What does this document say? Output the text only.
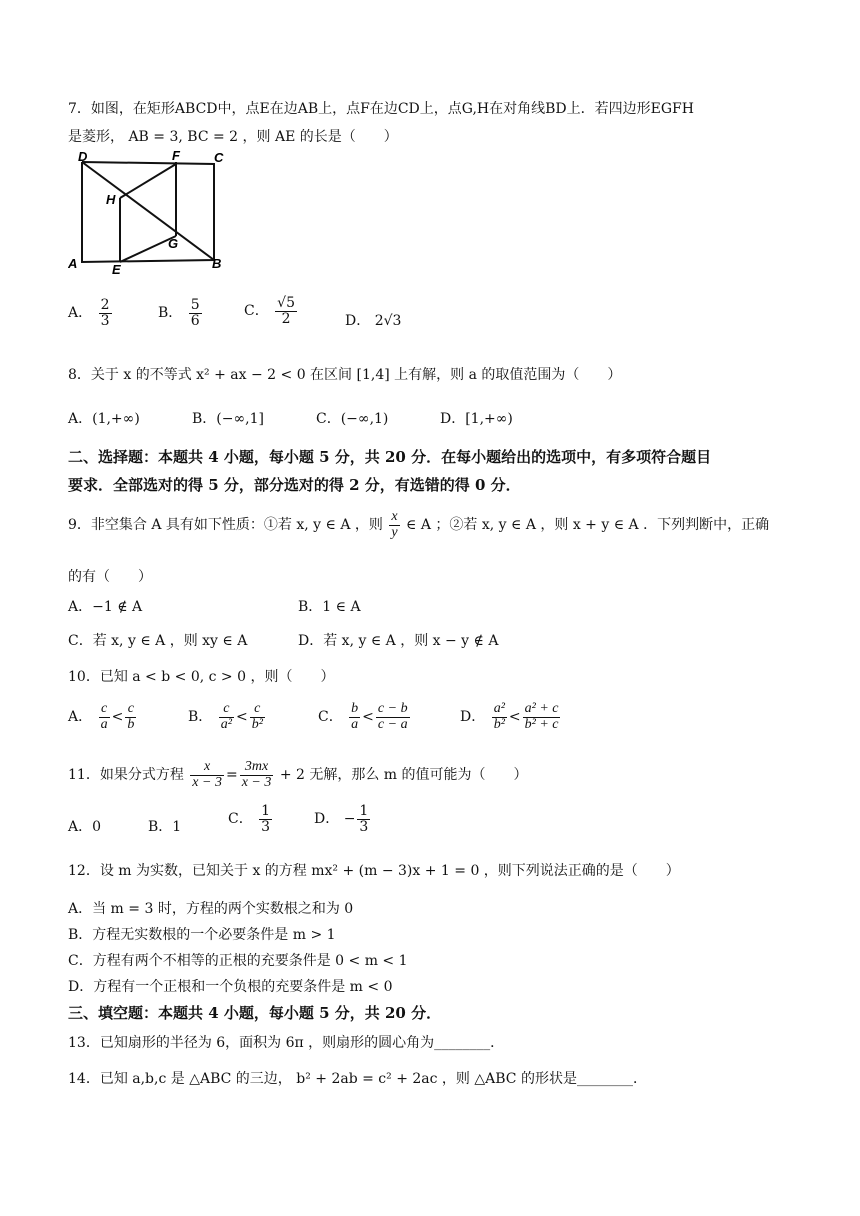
7．如图，在矩形ABCD中，点E在边AB上，点F在边CD上，点G,H在对角线BD上．若四边形EGFH
是菱形， AB = 3, BC = 2 ，则 AE 的长是（　　）
D	F	C
H
G
A	E	B
A． $\frac{2}{3}$	B． $\frac{5}{6}$	C． $\frac{√5}{2}$	D． 2√3
8．关于 x 的不等式 x² + ax − 2 < 0 在区间 [1,4] 上有解，则 a 的取值范围为（　　）
A．(1,+∞)	B．(−∞,1]	C．(−∞,1)	D．[1,+∞)
二、选择题：本题共 4 小题，每小题 5 分，共 20 分．在每小题给出的选项中，有多项符合题目
要求．全部选对的得 5 分，部分选对的得 2 分，有选错的得 0 分．
9．非空集合 A 具有如下性质：①若 x, y ∈ A ，则 $\frac{x}{y}$ ∈ A ；②若 x, y ∈ A ，则 x + y ∈ A ．下列判断中，正确
的有（　　）
A．−1 ∉ A	B．1 ∈ A
C．若 x, y ∈ A ，则 xy ∈ A	D．若 x, y ∈ A ，则 x − y ∉ A
10．已知 a < b < 0, c > 0 ，则（　　）
A． $\frac{c}{a} < \frac{c}{b}$	B． $\frac{c}{\text{a²}} < \frac{c}{\text{b²}}$	C． $\frac{b}{a} < \frac{c - b}{c - a}$	D． $\frac{\text{a²}}{\text{b²}} < \frac{\text{a² + c}}{\text{b² + c}}$
11．如果分式方程 $\frac{x}{x - 3} = \frac{3mx}{x - 3} + 2$ 无解，那么 m 的值可能为（　　）
A．0	B．1	C． $\frac{1}{3}$	D． − $\frac{1}{3}$
12．设 m 为实数，已知关于 x 的方程 mx² + (m − 3)x + 1 = 0 ，则下列说法正确的是（　　）
A．当 m = 3 时，方程的两个实数根之和为 0
B．方程无实数根的一个必要条件是 m > 1
C．方程有两个不相等的正根的充要条件是 0 < m < 1
D．方程有一个正根和一个负根的充要条件是 m < 0
三、填空题：本题共 4 小题，每小题 5 分，共 20 分．
13．已知扇形的半径为 6，面积为 6π ，则扇形的圆心角为________．
14．已知 a,b,c 是 △ABC 的三边， b² + 2ab = c² + 2ac ，则 △ABC 的形状是________．
